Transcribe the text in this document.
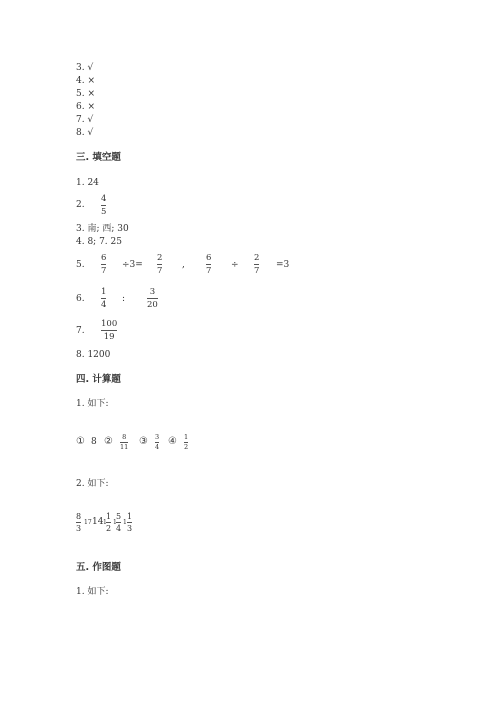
3. √
4. ×
5. ×
6. ×
7. √
8. √
三. 填空题
1. 24
2.
4
5
3. 南; 西; 30
4. 8; 7. 25
5.
6
7
÷3=
2
7
,
6
7
÷
2
7
=3
6.
1
4
:
3
20
7.
100
19
8. 1200
四. 计算题
1. 如下:
① 8 ② 8
11 ③ 3
4 ④ 1
2
2. 如下:
8
3
17 14 1
1
2
1
5
4
1
1
3
五. 作图题
1. 如下:
